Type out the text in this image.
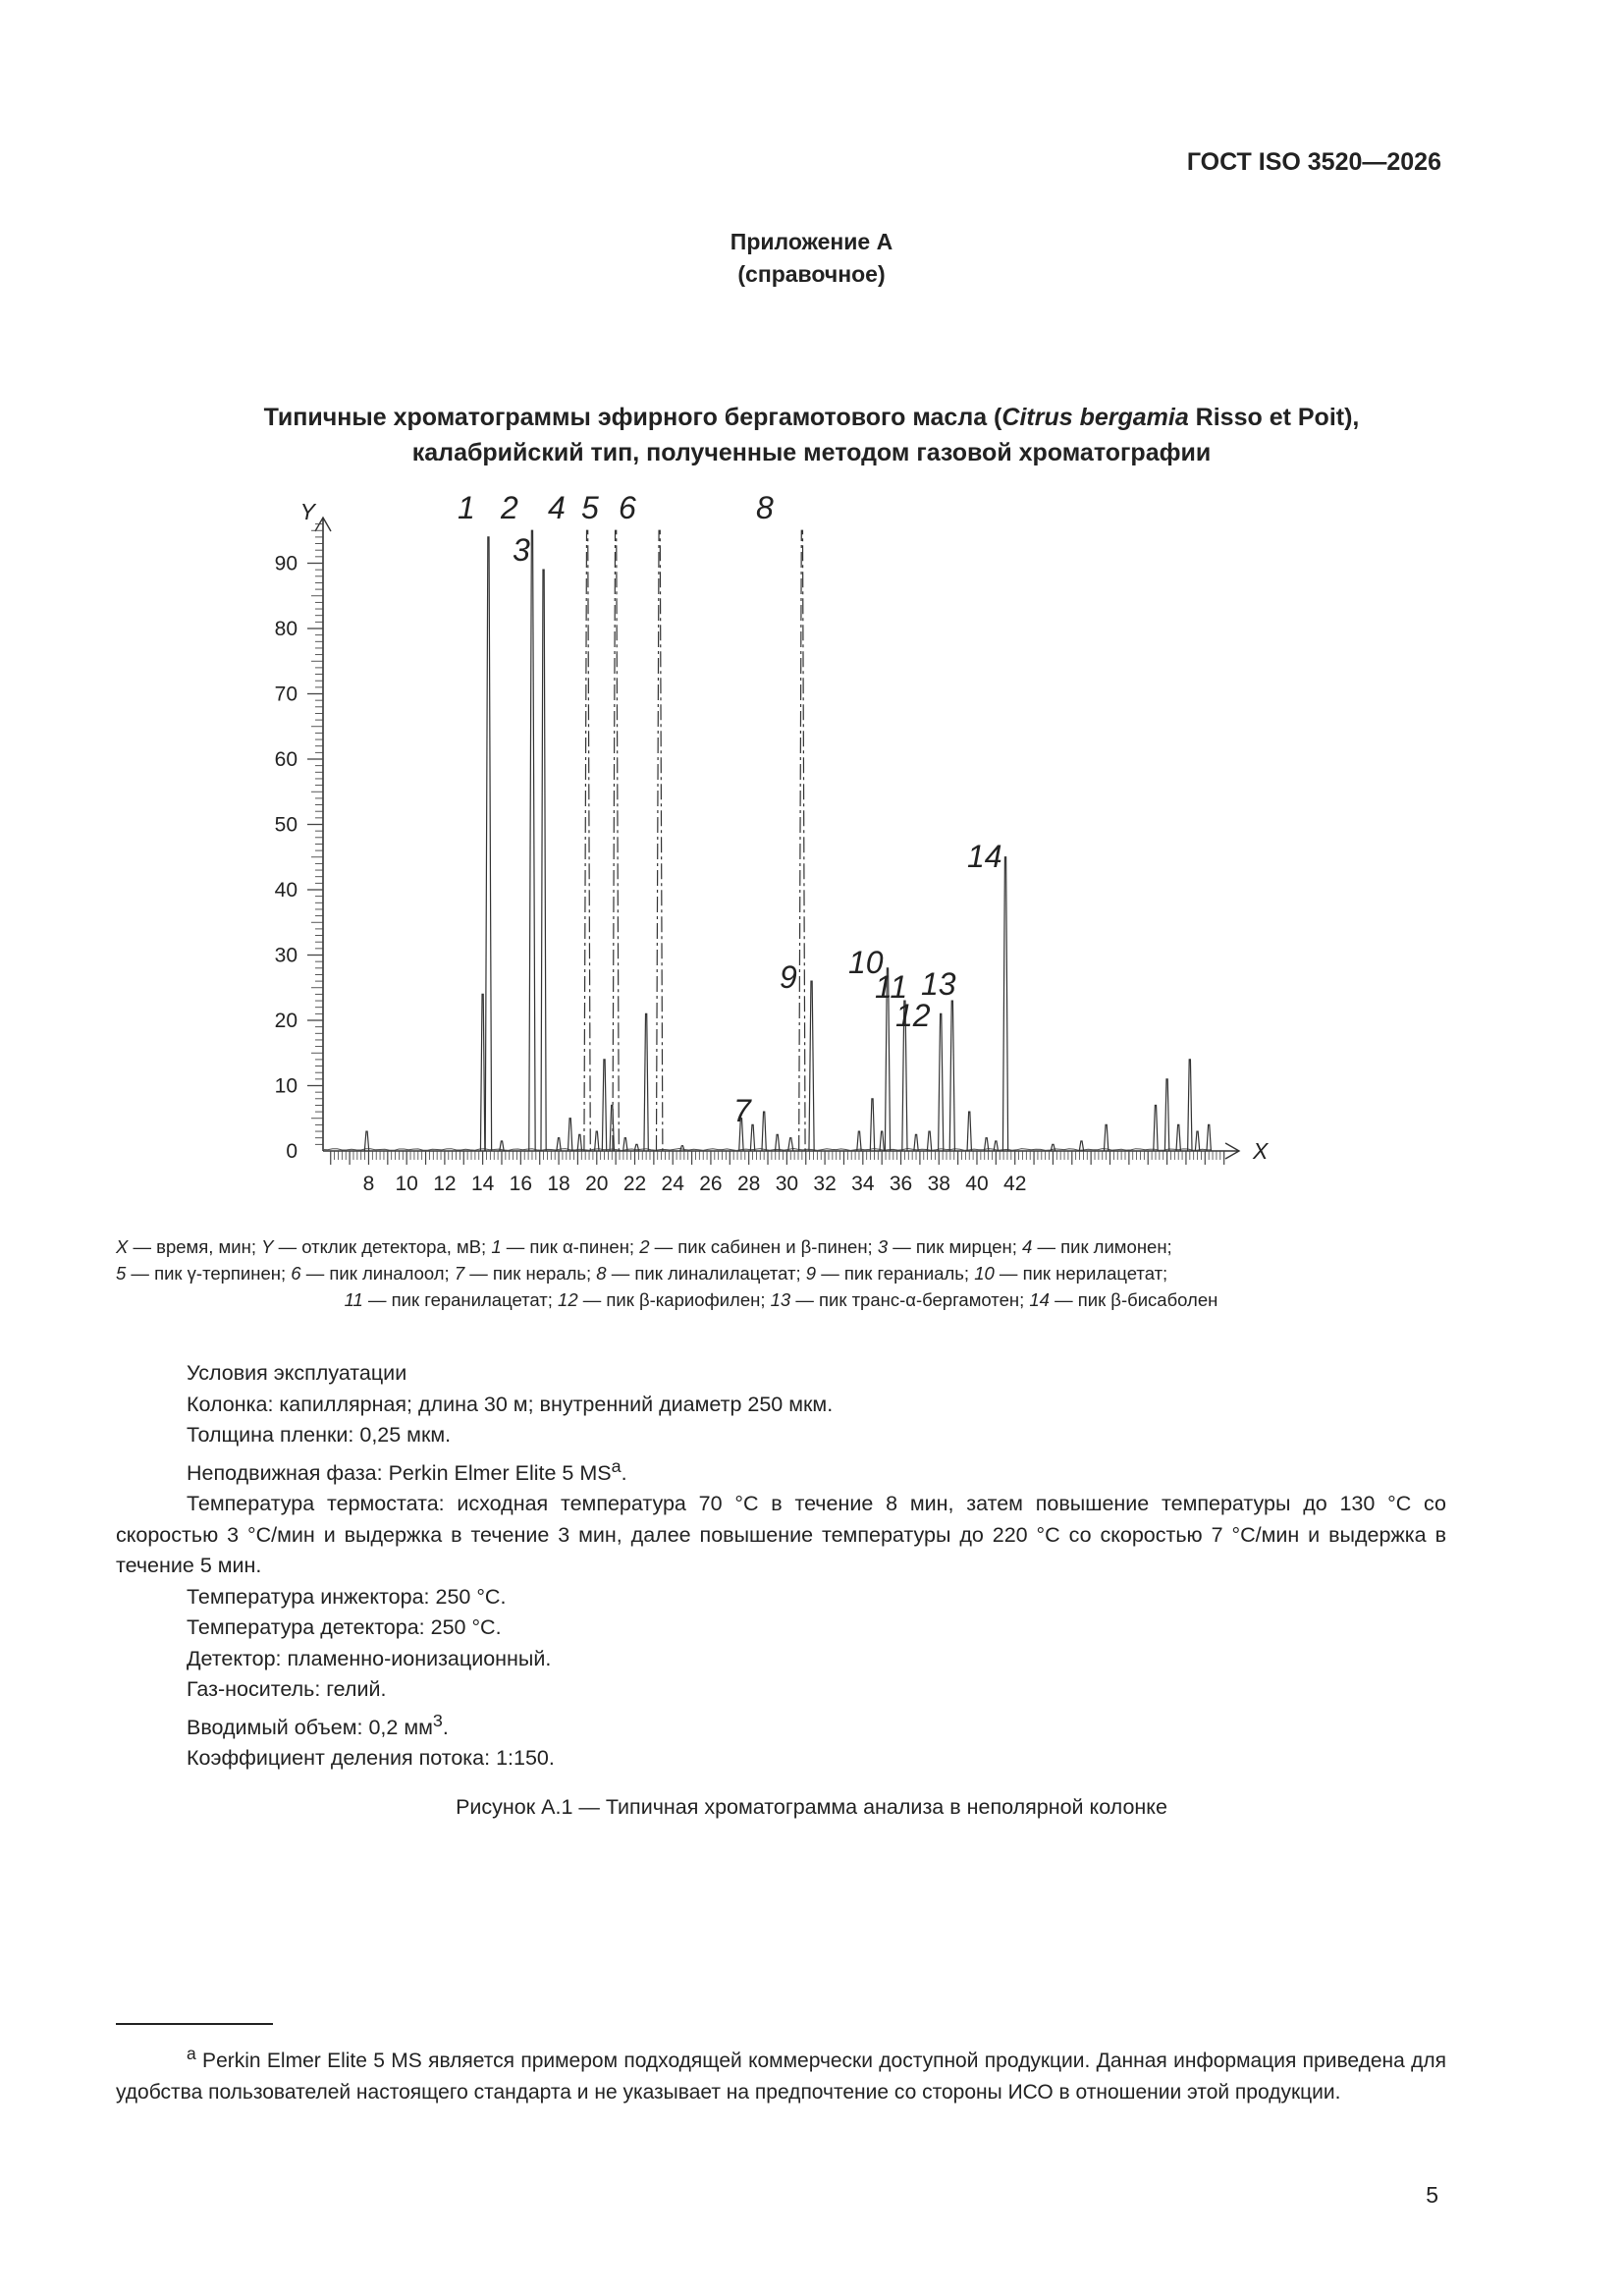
ГОСТ ISO 3520—2026
Приложение А
(справочное)
Типичные хроматограммы эфирного бергамотового масла (Citrus bergamia Risso et Poit),
калабрийский тип, полученные методом газовой хроматографии
Y
X
0
10
20
30
40
50
60
70
80
90
8 10 12 14 16 18 20 22 24 26 28 30 32 34 36 38 40 42
1 2
3
4 5 6
7
8
9 10
11
12
13
14
X — время, мин; Y — отклик детектора, мВ; 1 — пик α-пинен; 2 — пик сабинен и β-пинен; 3 — пик мирцен; 4 — пик лимонен;
5 — пик γ-терпинен; 6 — пик линалоол; 7 — пик нераль; 8 — пик линалилацетат; 9 — пик гераниаль; 10 — пик нерилацетат;
11 — пик геранилацетат; 12 — пик β-кариофилен; 13 — пик транс-α-бергамотен; 14 — пик β-бисаболен

Условия эксплуатации

Колонка: капиллярная; длина 30 м; внутренний диаметр 250 мкм.

Толщина пленки: 0,25 мкм.

Неподвижная фаза: Perkin Elmer Elite 5 $MS^a$.

Температура термостата: исходная температура 70 °С в течение 8 мин, затем повышение температуры до 130 °С со скоростью 3 °С/мин и выдержка в течение 3 мин, далее повышение температуры до 220 °С со скоростью 7 °С/мин и выдержка в течение 5 мин.

Температура инжектора: 250 °С.

Температура детектора: 250 °С.

Детектор: пламенно-ионизационный.

Газ-носитель: гелий.

Вводимый объем: 0,2 $мм^3$.

Коэффициент деления потока: 1:150.

Рисунок А.1 — Типичная хроматограмма анализа в неполярной колонке

$^a$ Perkin Elmer Elite 5 MS является примером подходящей коммерчески доступной продукции. Данная информация приведена для удобства пользователей настоящего стандарта и не указывает на предпочтение со стороны ИСО в отношении этой продукции.

5
